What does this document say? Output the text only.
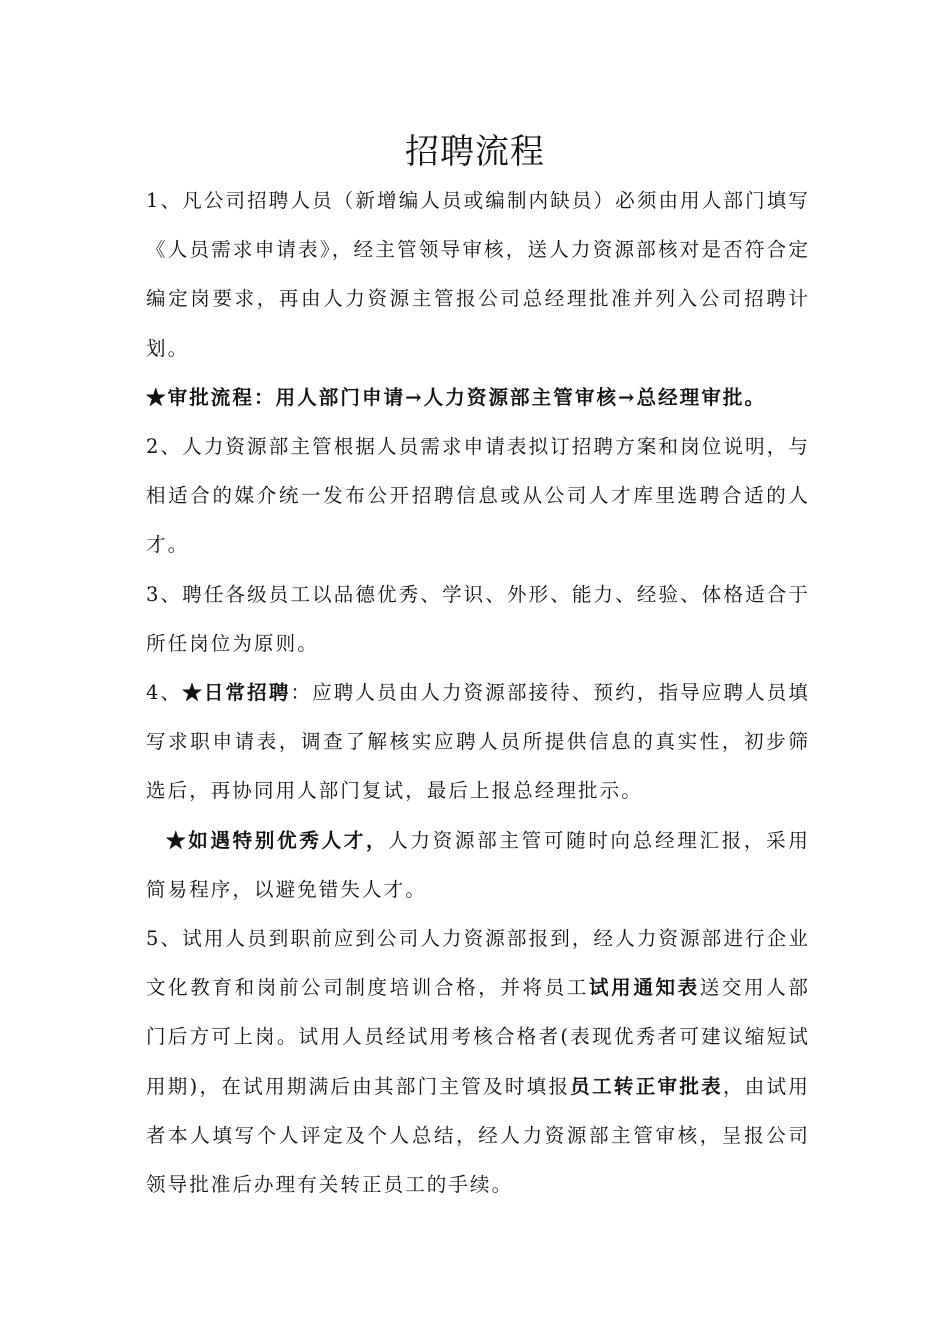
招聘流程

1、凡公司招聘人员（新增编人员或编制内缺员）必须由用人部门填写《人员需求申请表》，经主管领导审核，送人力资源部核对是否符合定编定岗要求，再由人力资源主管报公司总经理批准并列入公司招聘计划。

★审批流程：用人部门申请→人力资源部主管审核→总经理审批。

2、人力资源部主管根据人员需求申请表拟订招聘方案和岗位说明，与相适合的媒介统一发布公开招聘信息或从公司人才库里选聘合适的人才。

3、聘任各级员工以品德优秀、学识、外形、能力、经验、体格适合于所任岗位为原则。

4、★日常招聘：应聘人员由人力资源部接待、预约，指导应聘人员填写求职申请表，调查了解核实应聘人员所提供信息的真实性，初步筛选后，再协同用人部门复试，最后上报总经理批示。

★如遇特别优秀人才，人力资源部主管可随时向总经理汇报，采用简易程序，以避免错失人才。

5、试用人员到职前应到公司人力资源部报到，经人力资源部进行企业文化教育和岗前公司制度培训合格，并将员工试用通知表送交用人部门后方可上岗。试用人员经试用考核合格者(表现优秀者可建议缩短试用期)，在试用期满后由其部门主管及时填报员工转正审批表，由试用者本人填写个人评定及个人总结，经人力资源部主管审核，呈报公司领导批准后办理有关转正员工的手续。
